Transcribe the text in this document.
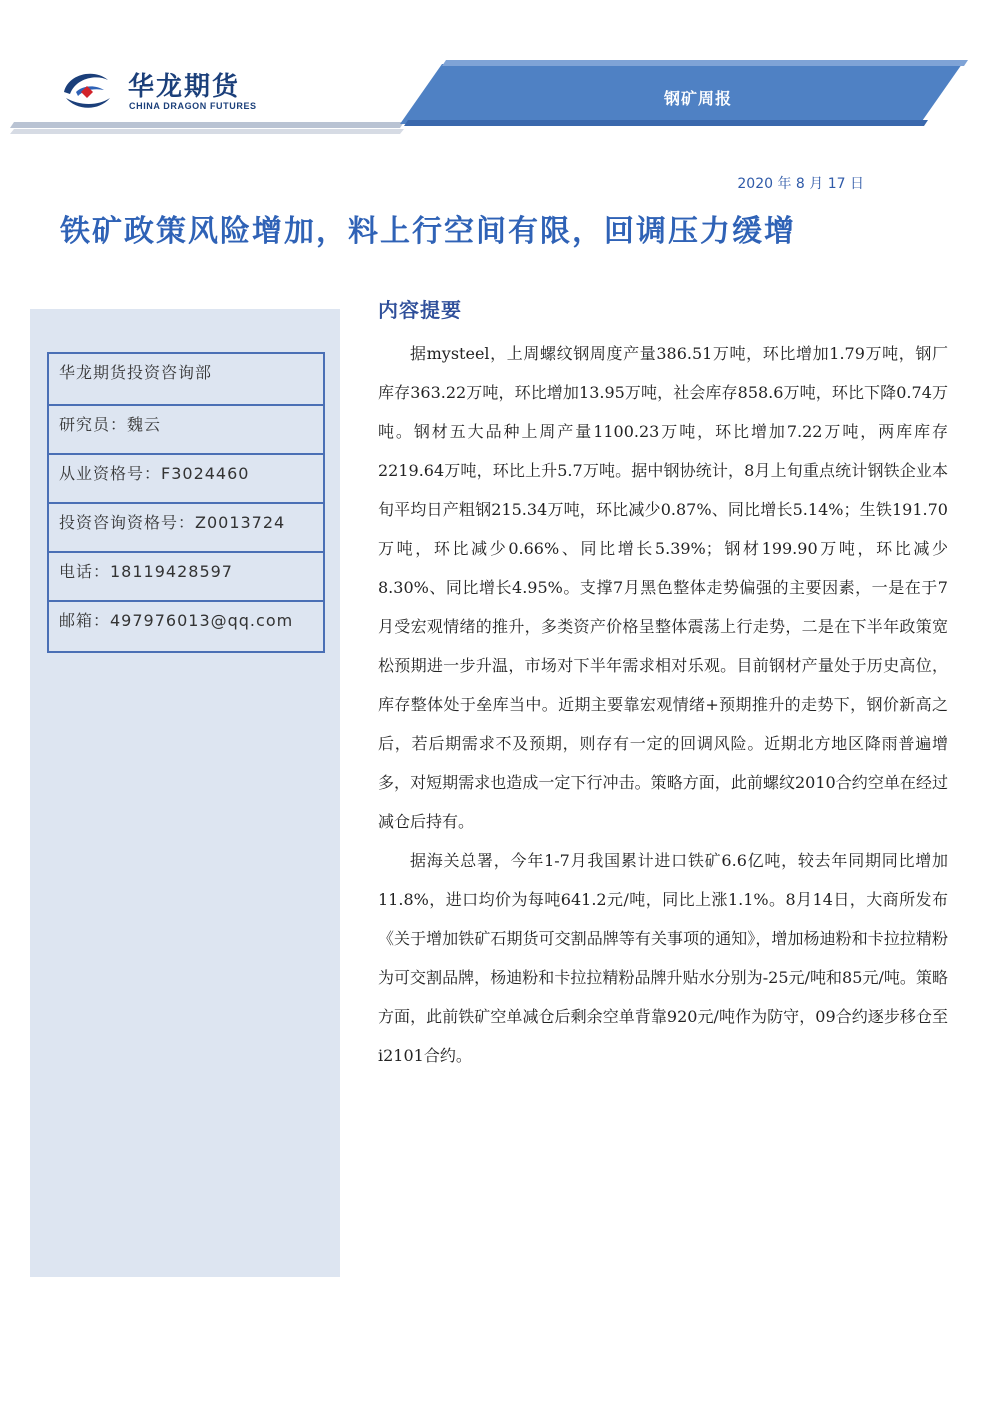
华龙期货
CHINA DRAGON FUTURES	钢矿周报
2020 年 8 月 17 日
铁矿政策风险增加，料上行空间有限，回调压力缓增
华龙期货投资咨询部
研究员：魏云
从业资格号：F3024460
投资咨询资格号：Z0013724
电话：18119428597
邮箱：497976013@qq.com
内容提要

据mysteel，上周螺纹钢周度产量386.51万吨，环比增加1.79万吨，钢厂库存363.22万吨，环比增加13.95万吨，社会库存858.6万吨，环比下降0.74万吨。钢材五大品种上周产量1100.23万吨，环比增加7.22万吨，两库库存2219.64万吨，环比上升5.7万吨。据中钢协统计，8月上旬重点统计钢铁企业本旬平均日产粗钢215.34万吨，环比减少0.87%、同比增长5.14%；生铁191.70万吨，环比减少0.66%、同比增长5.39%；钢材199.90万吨，环比减少8.30%、同比增长4.95%。支撑7月黑色整体走势偏强的主要因素，一是在于7月受宏观情绪的推升，多类资产价格呈整体震荡上行走势，二是在下半年政策宽松预期进一步升温，市场对下半年需求相对乐观。目前钢材产量处于历史高位，库存整体处于垒库当中。近期主要靠宏观情绪+预期推升的走势下，钢价新高之后，若后期需求不及预期，则存有一定的回调风险。近期北方地区降雨普遍增多，对短期需求也造成一定下行冲击。策略方面，此前螺纹2010合约空单在经过减仓后持有。

据海关总署，今年1-7月我国累计进口铁矿6.6亿吨，较去年同期同比增加11.8%，进口均价为每吨641.2元/吨，同比上涨1.1%。8月14日，大商所发布《关于增加铁矿石期货可交割品牌等有关事项的通知》，增加杨迪粉和卡拉拉精粉为可交割品牌，杨迪粉和卡拉拉精粉品牌升贴水分别为-25元/吨和85元/吨。策略方面，此前铁矿空单减仓后剩余空单背靠920元/吨作为防守，09合约逐步移仓至i2101合约。
